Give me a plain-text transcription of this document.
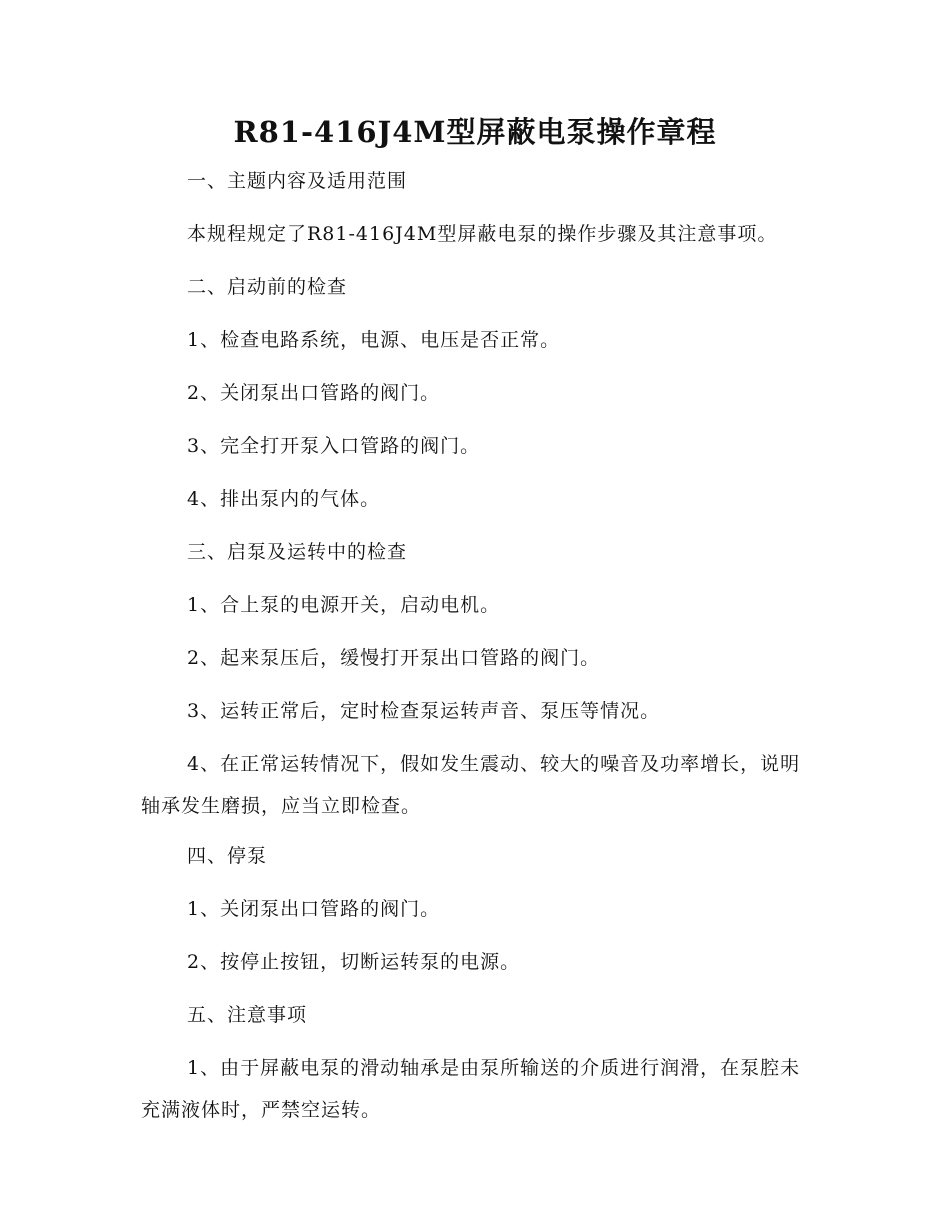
R81-416J4M型屏蔽电泵操作章程

一、主题内容及适用范围

本规程规定了R81-416J4M型屏蔽电泵的操作步骤及其注意事项。

二、启动前的检查

1、检查电路系统，电源、电压是否正常。

2、关闭泵出口管路的阀门。

3、完全打开泵入口管路的阀门。

4、排出泵内的气体。

三、启泵及运转中的检查

1、合上泵的电源开关，启动电机。

2、起来泵压后，缓慢打开泵出口管路的阀门。

3、运转正常后，定时检查泵运转声音、泵压等情况。

4、在正常运转情况下，假如发生震动、较大的噪音及功率增长，说明轴承发生磨损，应当立即检查。

四、停泵

1、关闭泵出口管路的阀门。

2、按停止按钮，切断运转泵的电源。

五、注意事项

1、由于屏蔽电泵的滑动轴承是由泵所输送的介质进行润滑，在泵腔未充满液体时，严禁空运转。
